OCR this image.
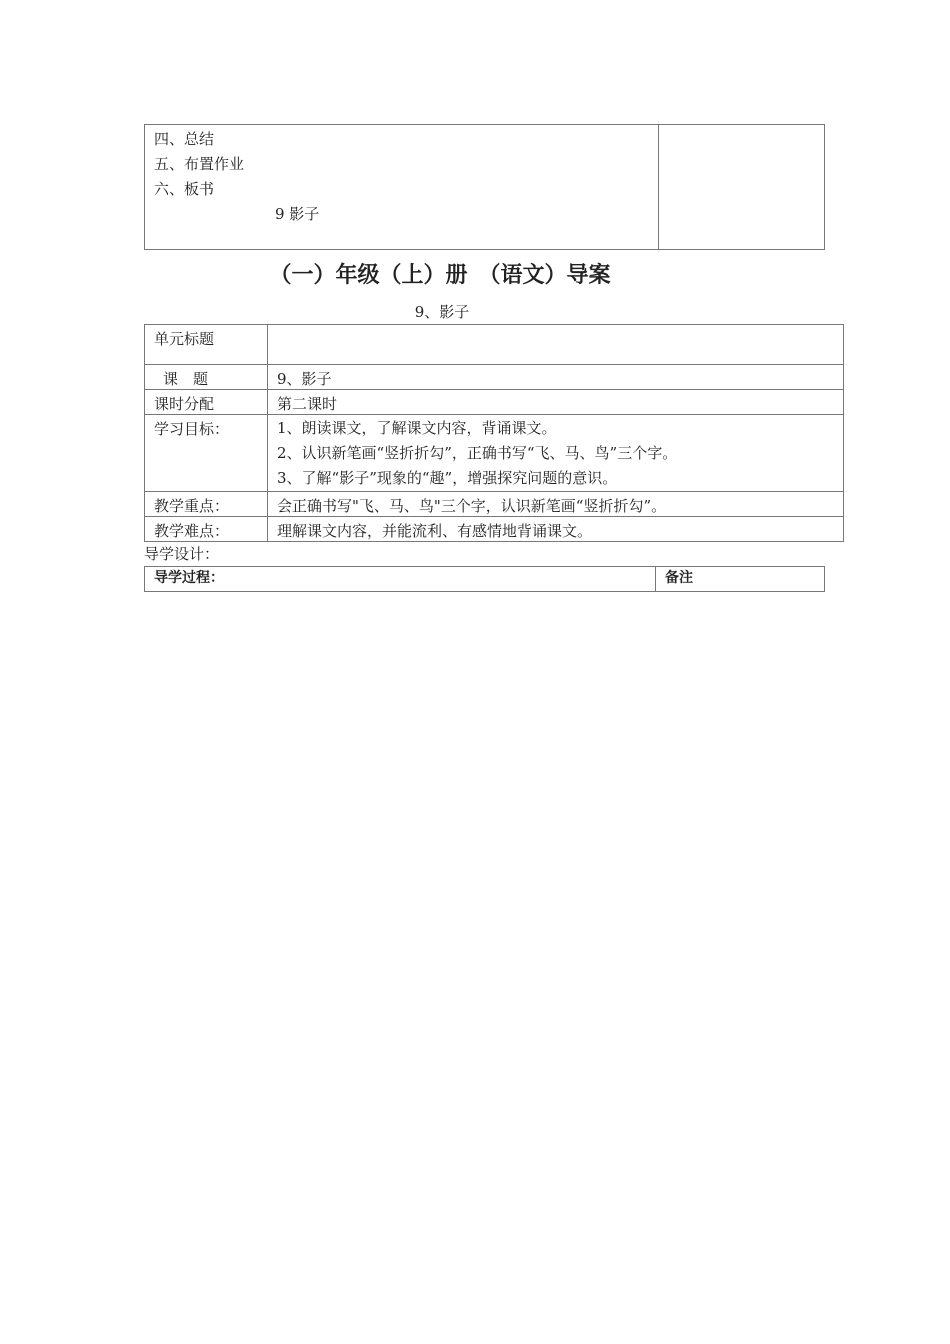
四、总结
五、布置作业
六、板书
9 影子

（一）年级（上）册　（语文）导案
9、影子
单元标题	
课　题	9、影子
课时分配	第二课时
学习目标：	1、朗读课文，了解课文内容，背诵课文。
2、认识新笔画“竖折折勾”，正确书写“飞、马、鸟”三个字。
3、了解“影子”现象的“趣”，增强探究问题的意识。

教学重点：	会正确书写"飞、马、鸟"三个字，认识新笔画“竖折折勾”。
教学难点：	理解课文内容，并能流利、有感情地背诵课文。
导学设计：
导学过程：	备注
